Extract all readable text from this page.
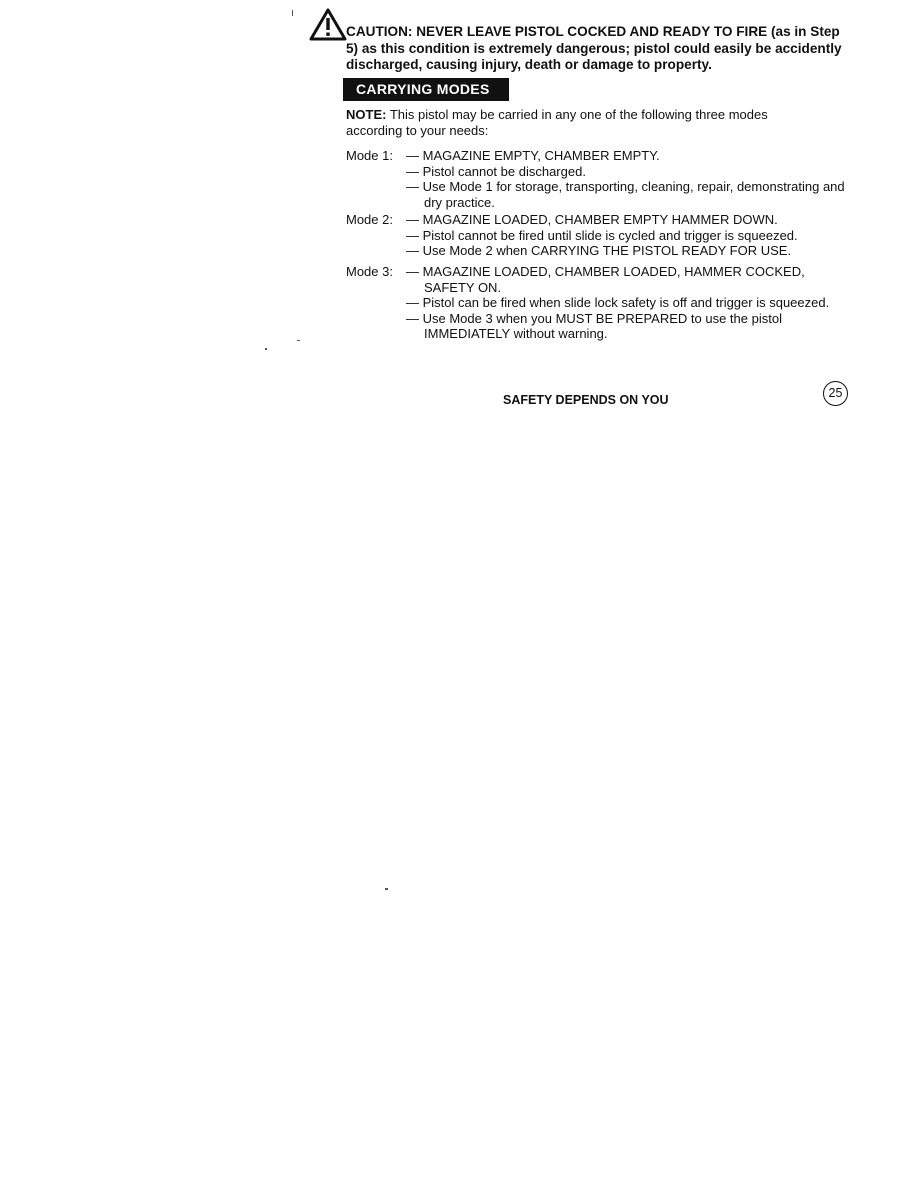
CAUTION: NEVER LEAVE PISTOL COCKED AND READY TO FIRE (as in Step 5) as this condition is extremely dangerous; pistol could easily be accidently discharged, causing injury, death or damage to property.

CARRYING MODES

NOTE: This pistol may be carried in any one of the following three modes according to your needs:

Mode 1:	— MAGAZINE EMPTY, CHAMBER EMPTY.
— Pistol cannot be discharged.
— Use Mode 1 for storage, transporting, cleaning, repair, demonstrating and dry practice.
Mode 2:	— MAGAZINE LOADED, CHAMBER EMPTY HAMMER DOWN.
— Pistol cannot be fired until slide is cycled and trigger is squeezed.
— Use Mode 2 when CARRYING THE PISTOL READY FOR USE.
Mode 3:	— MAGAZINE LOADED, CHAMBER LOADED, HAMMER COCKED, SAFETY ON.
— Pistol can be fired when slide lock safety is off and trigger is squeezed.
— Use Mode 3 when you MUST BE PREPARED to use the pistol IMMEDIATELY without warning.
SAFETY DEPENDS ON YOU	25
